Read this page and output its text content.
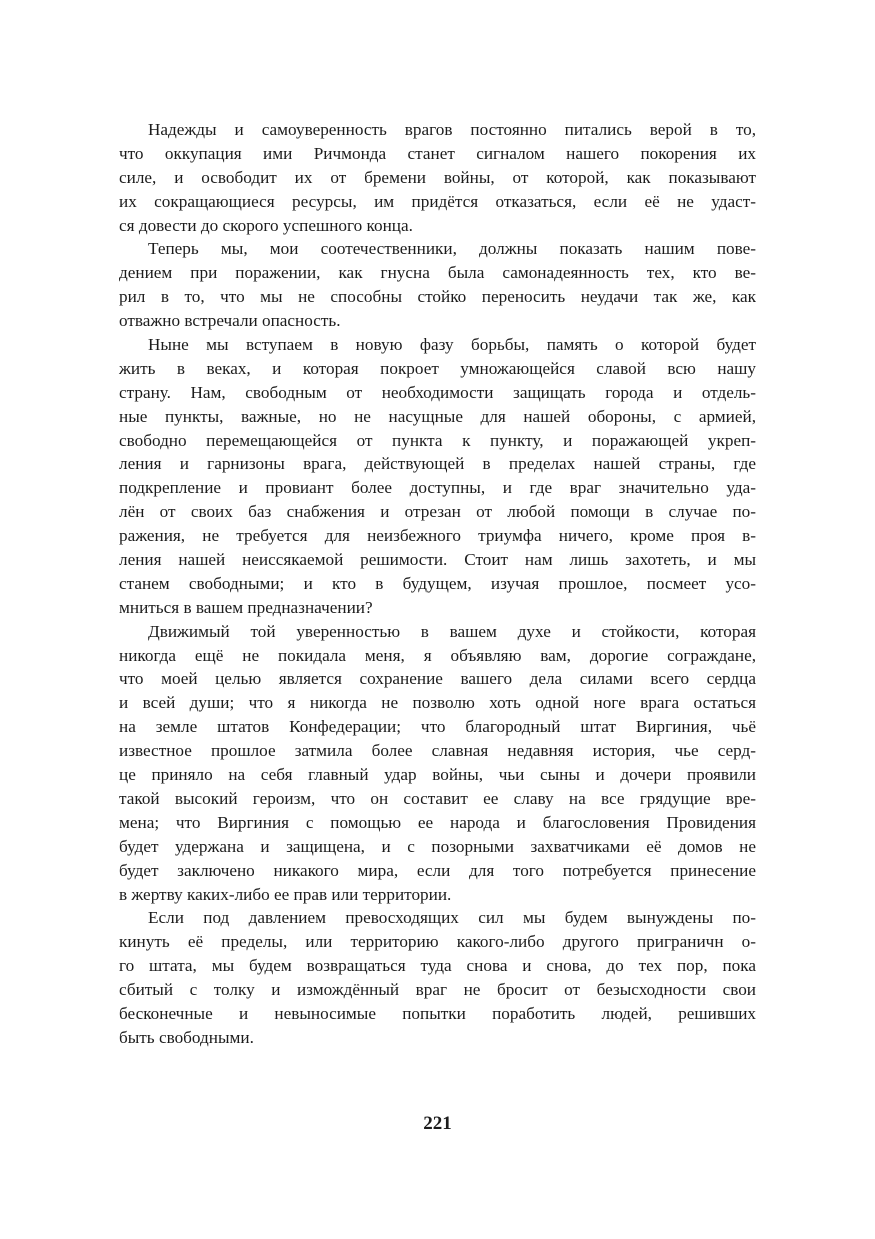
Надежды и самоуверенность врагов постоянно питались верой в то,
что оккупация ими Ричмонда станет сигналом нашего покорения их
силе, и освободит их от бремени войны, от которой, как показывают
их сокращающиеся ресурсы, им придётся отказаться, если её не удаст-
ся довести до скорого успешного конца.
Теперь мы, мои соотечественники, должны показать нашим пове-
дением при поражении, как гнусна была самонадеянность тех, кто ве-
рил в то, что мы не способны стойко переносить неудачи так же, как
отважно встречали опасность.
Ныне мы вступаем в новую фазу борьбы, память о которой будет
жить в веках, и которая покроет умножающейся славой всю нашу
страну. Нам, свободным от необходимости защищать города и отдель-
ные пункты, важные, но не насущные для нашей обороны, с армией,
свободно перемещающейся от пункта к пункту, и поражающей укреп-
ления и гарнизоны врага, действующей в пределах нашей страны, где
подкрепление и провиант более доступны, и где враг значительно уда-
лён от своих баз снабжения и отрезан от любой помощи в случае по-
ражения, не требуется для неизбежного триумфа ничего, кроме проя в-
ления нашей неиссякаемой решимости. Стоит нам лишь захотеть, и мы
станем свободными; и кто в будущем, изучая прошлое, посмеет усо-
мниться в вашем предназначении?
Движимый той уверенностью в вашем духе и стойкости, которая
никогда ещё не покидала меня, я объявляю вам, дорогие сограждане,
что моей целью является сохранение вашего дела силами всего сердца
и всей души; что я никогда не позволю хоть одной ноге врага остаться
на земле штатов Конфедерации; что благородный штат Виргиния, чьё
известное прошлое затмила более славная недавняя история, чье серд-
це приняло на себя главный удар войны, чьи сыны и дочери проявили
такой высокий героизм, что он составит ее славу на все грядущие вре-
мена; что Виргиния с помощью ее народа и благословения Провидения
будет удержана и защищена, и с позорными захватчиками её домов не
будет заключено никакого мира, если для того потребуется принесение
в жертву каких-либо ее прав или территории.
Если под давлением превосходящих сил мы будем вынуждены по-
кинуть её пределы, или территорию какого-либо другого приграничн о-
го штата, мы будем возвращаться туда снова и снова, до тех пор, пока
сбитый с толку и измождённый враг не бросит от безысходности свои
бесконечные и невыносимые попытки поработить людей, решивших
быть свободными.
221
